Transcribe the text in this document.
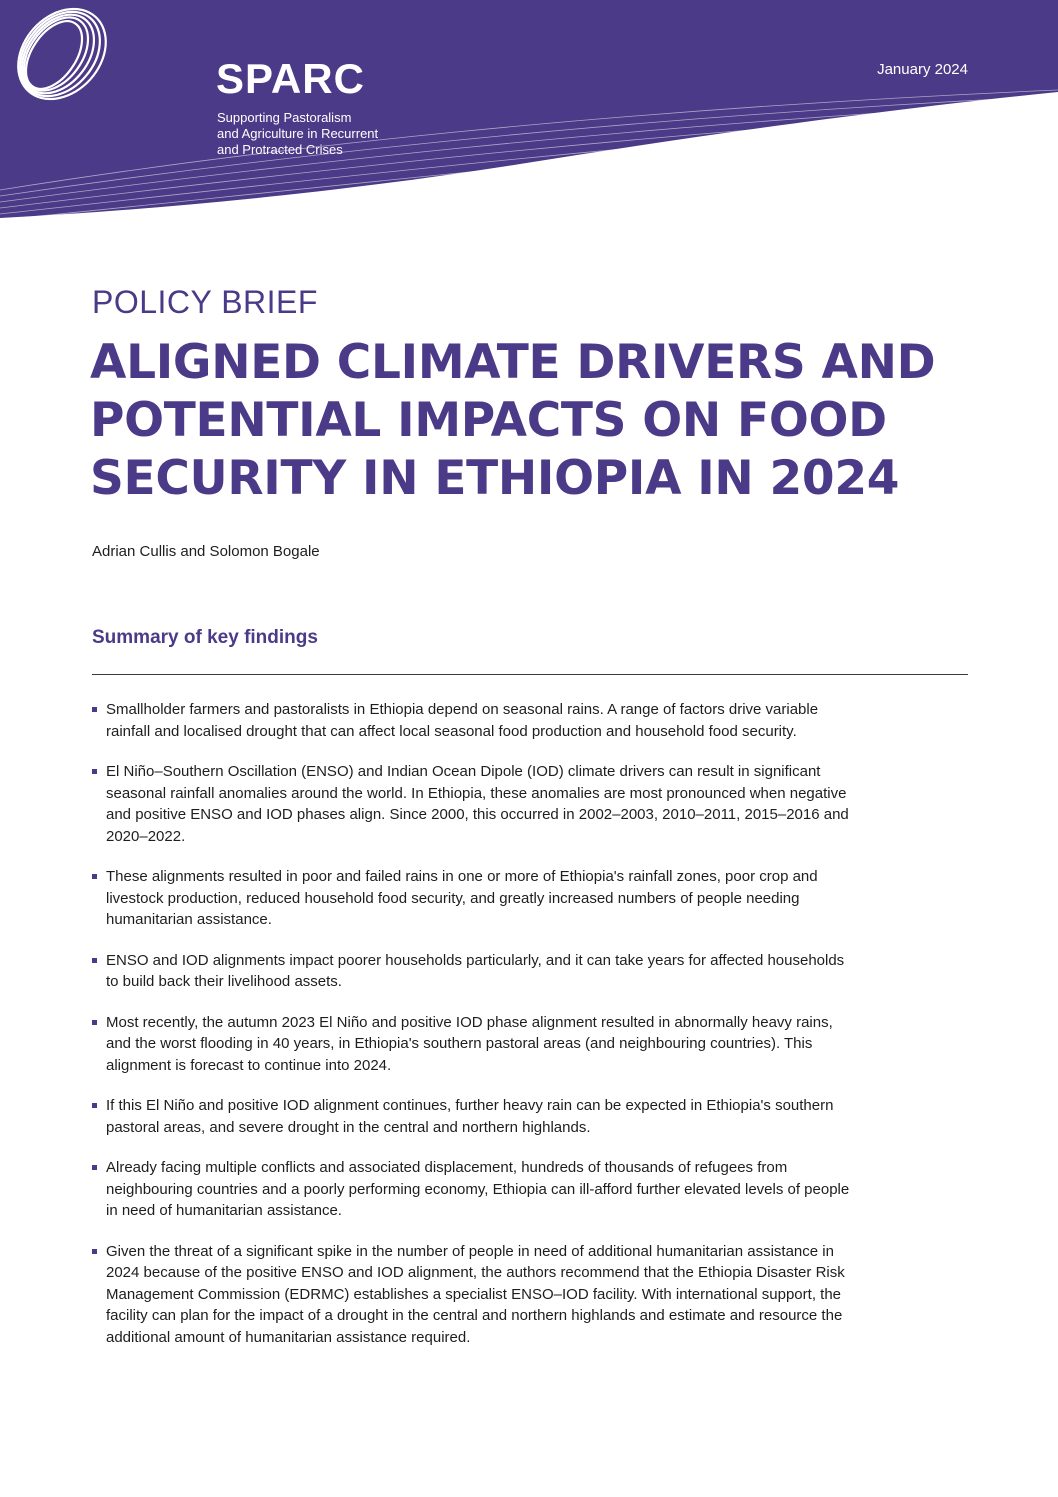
SPARC
Supporting Pastoralism
and Agriculture in Recurrent
and Protracted Crises
January 2024
POLICY BRIEF
ALIGNED CLIMATE DRIVERS AND
POTENTIAL IMPACTS ON FOOD
SECURITY IN ETHIOPIA IN 2024
Adrian Cullis and Solomon Bogale
Summary of key findings
Smallholder farmers and pastoralists in Ethiopia depend on seasonal rains. A range of factors drive variable
rainfall and localised drought that can affect local seasonal food production and household food security.
El Niño–Southern Oscillation (ENSO) and Indian Ocean Dipole (IOD) climate drivers can result in significant
seasonal rainfall anomalies around the world. In Ethiopia, these anomalies are most pronounced when negative
and positive ENSO and IOD phases align. Since 2000, this occurred in 2002–2003, 2010–2011, 2015–2016 and
2020–2022.
These alignments resulted in poor and failed rains in one or more of Ethiopia's rainfall zones, poor crop and
livestock production, reduced household food security, and greatly increased numbers of people needing
humanitarian assistance.
ENSO and IOD alignments impact poorer households particularly, and it can take years for affected households
to build back their livelihood assets.
Most recently, the autumn 2023 El Niño and positive IOD phase alignment resulted in abnormally heavy rains,
and the worst flooding in 40 years, in Ethiopia's southern pastoral areas (and neighbouring countries). This
alignment is forecast to continue into 2024.
If this El Niño and positive IOD alignment continues, further heavy rain can be expected in Ethiopia's southern
pastoral areas, and severe drought in the central and northern highlands.
Already facing multiple conflicts and associated displacement, hundreds of thousands of refugees from
neighbouring countries and a poorly performing economy, Ethiopia can ill-afford further elevated levels of people
in need of humanitarian assistance.
Given the threat of a significant spike in the number of people in need of additional humanitarian assistance in
2024 because of the positive ENSO and IOD alignment, the authors recommend that the Ethiopia Disaster Risk
Management Commission (EDRMC) establishes a specialist ENSO–IOD facility. With international support, the
facility can plan for the impact of a drought in the central and northern highlands and estimate and resource the
additional amount of humanitarian assistance required.
